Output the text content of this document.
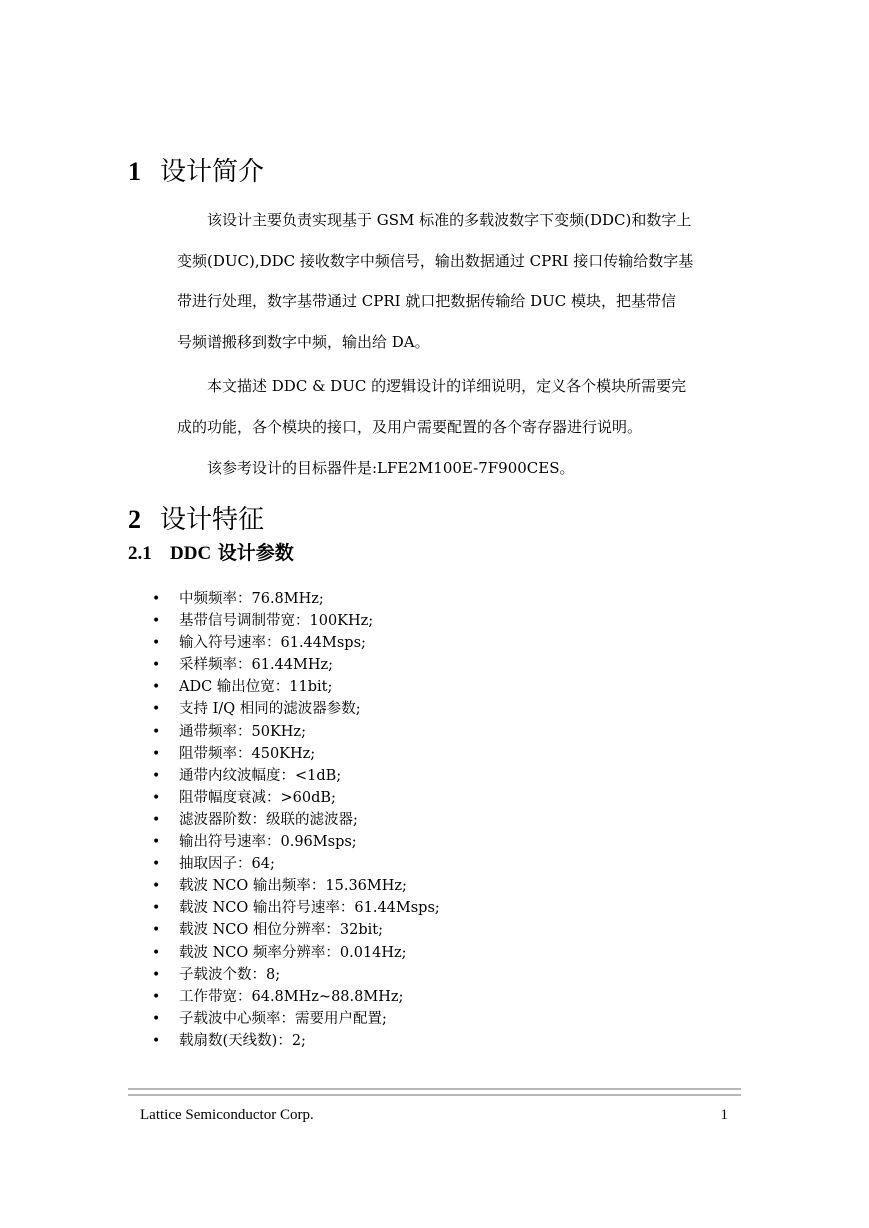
1 设计简介
该设计主要负责实现基于 GSM 标准的多载波数字下变频(DDC)和数字上
变频(DUC),DDC 接收数字中频信号，输出数据通过 CPRI 接口传输给数字基
带进行处理，数字基带通过 CPRI 就口把数据传输给 DUC 模块，把基带信
号频谱搬移到数字中频，输出给 DA。
本文描述 DDC & DUC 的逻辑设计的详细说明，定义各个模块所需要完
成的功能，各个模块的接口，及用户需要配置的各个寄存器进行说明。
该参考设计的目标器件是:LFE2M100E-7F900CES。
2 设计特征
2.1 DDC 设计参数
• 中频频率：76.8MHz;
• 基带信号调制带宽：100KHz;
• 输入符号速率：61.44Msps;
• 采样频率：61.44MHz;
• ADC 输出位宽：11bit;
• 支持 I/Q 相同的滤波器参数;
• 通带频率：50KHz;
• 阻带频率：450KHz;
• 通带内纹波幅度：<1dB;
• 阻带幅度衰减：>60dB;
• 滤波器阶数：级联的滤波器;
• 输出符号速率：0.96Msps;
• 抽取因子：64;
• 载波 NCO 输出频率：15.36MHz;
• 载波 NCO 输出符号速率：61.44Msps;
• 载波 NCO 相位分辨率：32bit;
• 载波 NCO 频率分辨率：0.014Hz;
• 子载波个数：8;
• 工作带宽：64.8MHz~88.8MHz;
• 子载波中心频率：需要用户配置;
• 载扇数(天线数)：2;
Lattice Semiconductor Corp.	1
